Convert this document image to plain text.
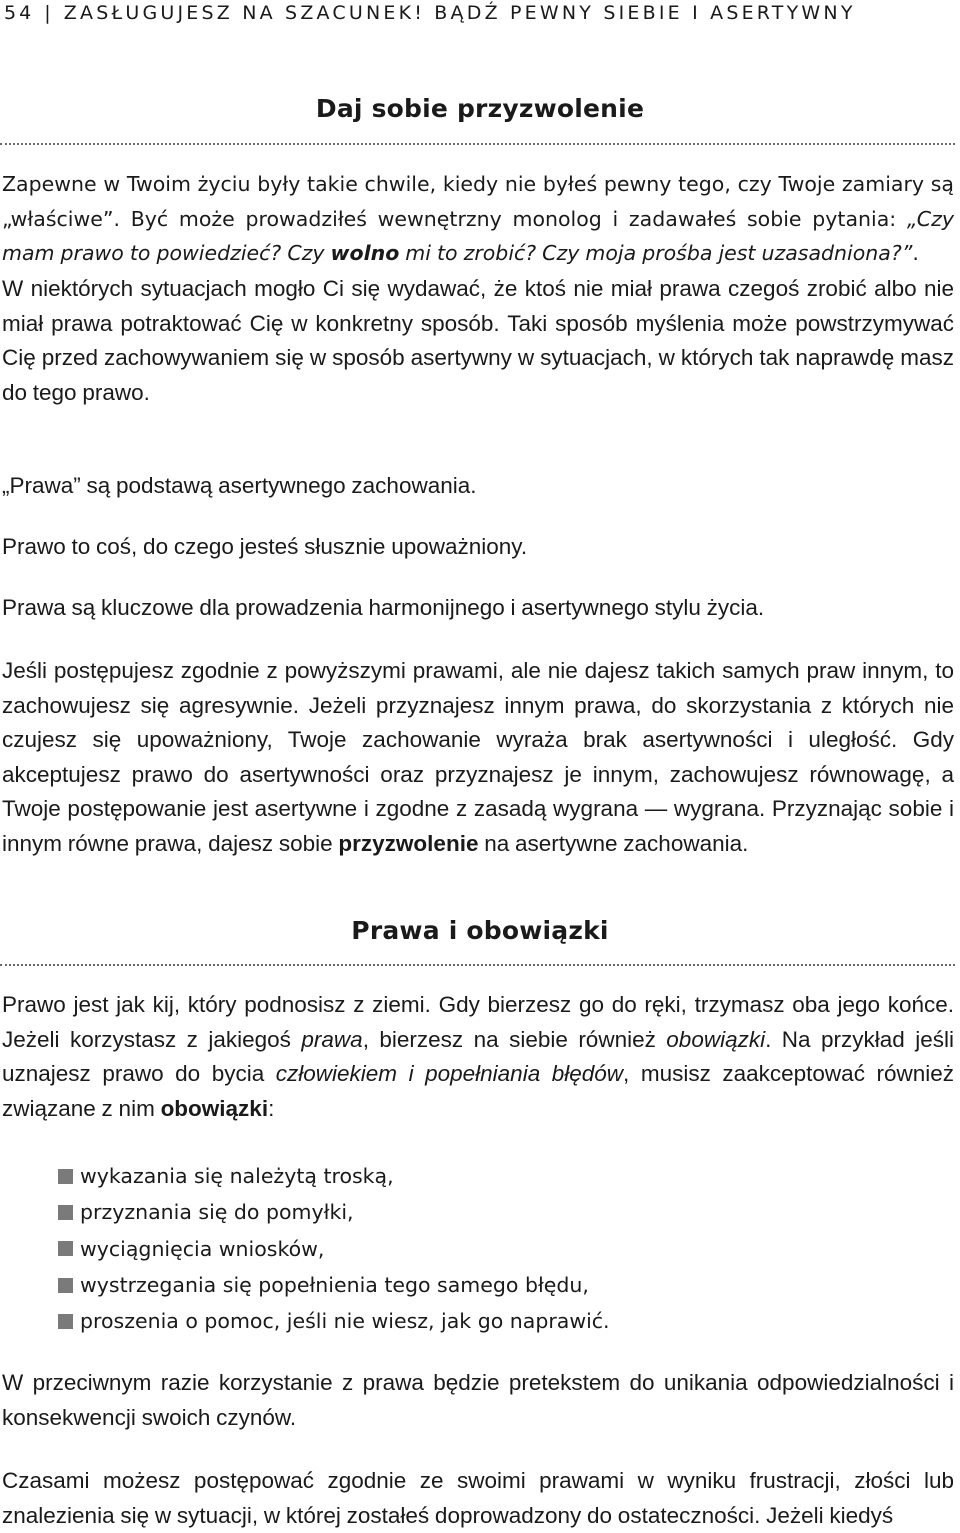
54 | ZASŁUGUJESZ NA SZACUNEK! BĄDŹ PEWNY SIEBIE I ASERTYWNY
Daj sobie przyzwolenie
Zapewne w Twoim życiu były takie chwile, kiedy nie byłeś pewny tego, czy Twoje zamiary są „właściwe”. Być może prowadziłeś wewnętrzny monolog i zadawałeś sobie pytania: „Czy mam prawo to powiedzieć? Czy wolno mi to zrobić? Czy moja prośba jest uzasadniona?”.
W niektórych sytuacjach mogło Ci się wydawać, że ktoś nie miał prawa czegoś zrobić albo nie miał prawa potraktować Cię w konkretny sposób. Taki sposób myślenia może powstrzymywać Cię przed zachowywaniem się w sposób asertywny w sytuacjach, w których tak naprawdę masz do tego prawo.
„Prawa” są podstawą asertywnego zachowania.
Prawo to coś, do czego jesteś słusznie upoważniony.
Prawa są kluczowe dla prowadzenia harmonijnego i asertywnego stylu życia.
Jeśli postępujesz zgodnie z powyższymi prawami, ale nie dajesz takich samych praw innym, to zachowujesz się agresywnie. Jeżeli przyznajesz innym prawa, do skorzystania z których nie czujesz się upoważniony, Twoje zachowanie wyraża brak asertywności i uległość. Gdy akceptujesz prawo do asertywności oraz przyznajesz je innym, zachowujesz równowagę, a Twoje postępowanie jest asertywne i zgodne z zasadą wygrana — wygrana. Przyznając sobie i innym równe prawa, dajesz sobie przyzwolenie na asertywne zachowania.
Prawa i obowiązki
Prawo jest jak kij, który podnosisz z ziemi. Gdy bierzesz go do ręki, trzymasz oba jego końce. Jeżeli korzystasz z jakiegoś prawa, bierzesz na siebie również obowiązki. Na przykład jeśli uznajesz prawo do bycia człowiekiem i popełniania błędów, musisz zaakceptować również związane z nim obowiązki:
wykazania się należytą troską,
przyznania się do pomyłki,
wyciągnięcia wniosków,
wystrzegania się popełnienia tego samego błędu,
proszenia o pomoc, jeśli nie wiesz, jak go naprawić.
W przeciwnym razie korzystanie z prawa będzie pretekstem do unikania odpowiedzialności i konsekwencji swoich czynów.
Czasami możesz postępować zgodnie ze swoimi prawami w wyniku frustracji, złości lub znalezienia się w sytuacji, w której zostałeś doprowadzony do ostateczności. Jeżeli kiedyś
